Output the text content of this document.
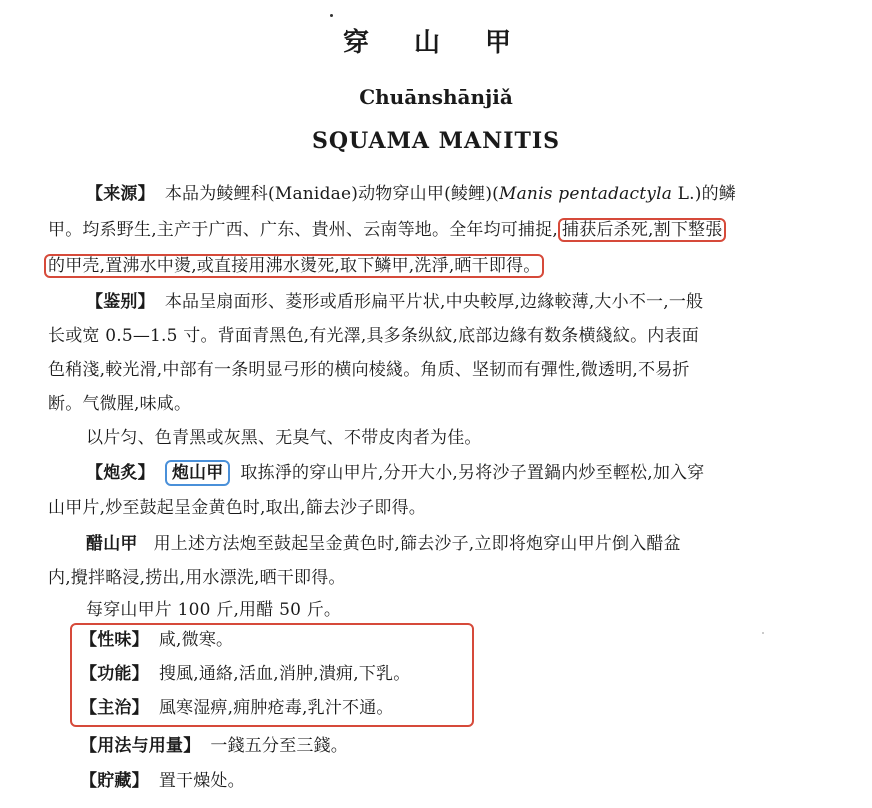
穿 山 甲
Chuānshānjiǎ
SQUAMA MANITIS
【来源】 本品为鲮鲤科(Manidae)动物穿山甲(鲮鲤)(Manis pentadactyla L.)的鳞
甲。均系野生,主产于广西、广东、貴州、云南等地。全年均可捕捉, 捕获后杀死,割下整張
的甲壳,置沸水中燙,或直接用沸水燙死,取下鳞甲,洗淨,晒干即得。
【鉴别】 本品呈扇面形、菱形或盾形扁平片状,中央較厚,边緣較薄,大小不一,一般
长或宽 0.5—1.5 寸。背面青黑色,有光澤,具多条纵紋,底部边緣有数条横綫紋。内表面
色稍淺,較光滑,中部有一条明显弓形的横向棱綫。角质、坚韧而有彈性,微透明,不易折
断。气微腥,味咸。
以片匀、色青黑或灰黑、无臭气、不带皮肉者为佳。
【炮炙】 炮山甲 取拣淨的穿山甲片,分开大小,另将沙子置鍋内炒至輕松,加入穿
山甲片,炒至鼓起呈金黄色时,取出,篩去沙子即得。
醋山甲 用上述方法炮至鼓起呈金黄色时,篩去沙子,立即将炮穿山甲片倒入醋盆
内,攪拌略浸,捞出,用水漂洗,晒干即得。
每穿山甲片 100 斤,用醋 50 斤。
【性味】 咸,微寒。
【功能】 搜風,通絡,活血,消肿,潰痈,下乳。
【主治】 風寒湿痹,痈肿疮毒,乳汁不通。
【用法与用量】 一錢五分至三錢。
【貯藏】 置干燥处。
